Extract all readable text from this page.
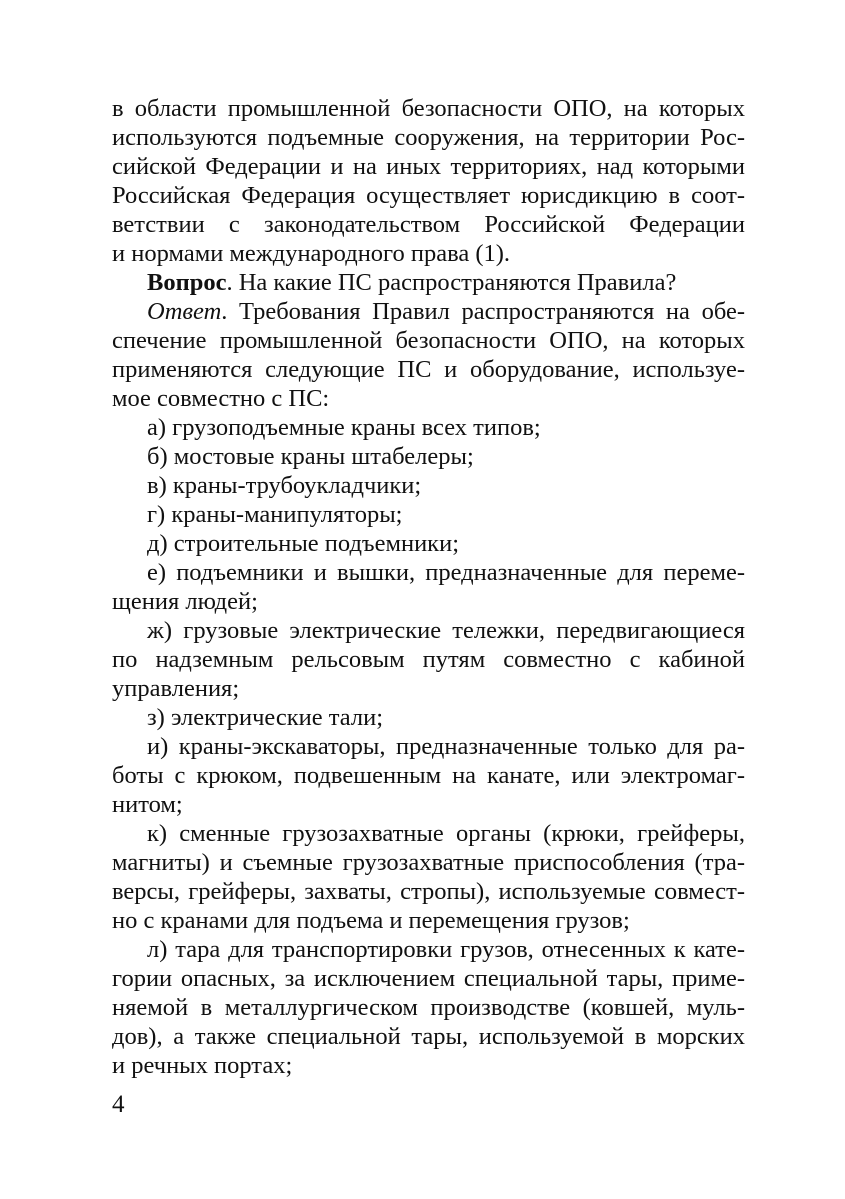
в области промышленной безопасности ОПО, на которых
используются подъемные сооружения, на территории Рос-
сийской Федерации и на иных территориях, над которыми
Российская Федерация осуществляет юрисдикцию в соот-
ветствии с законодательством Российской Федерации
и нормами международного права (1).
Вопрос. На какие ПС распространяются Правила?
Ответ. Требования Правил распространяются на обе-
спечение промышленной безопасности ОПО, на которых
применяются следующие ПС и оборудование, используе-
мое совместно с ПС:
а) грузоподъемные краны всех типов;
б) мостовые краны штабелеры;
в) краны-трубоукладчики;
г) краны-манипуляторы;
д) строительные подъемники;
е) подъемники и вышки, предназначенные для переме-
щения людей;
ж) грузовые электрические тележки, передвигающиеся
по надземным рельсовым путям совместно с кабиной
управления;
з) электрические тали;
и) краны-экскаваторы, предназначенные только для ра-
боты с крюком, подвешенным на канате, или электромаг-
нитом;
к) сменные грузозахватные органы (крюки, грейферы,
магниты) и съемные грузозахватные приспособления (тра-
версы, грейферы, захваты, стропы), используемые совмест-
но с кранами для подъема и перемещения грузов;
л) тара для транспортировки грузов, отнесенных к кате-
гории опасных, за исключением специальной тары, приме-
няемой в металлургическом производстве (ковшей, муль-
дов), а также специальной тары, используемой в морских
и речных портах;
4
